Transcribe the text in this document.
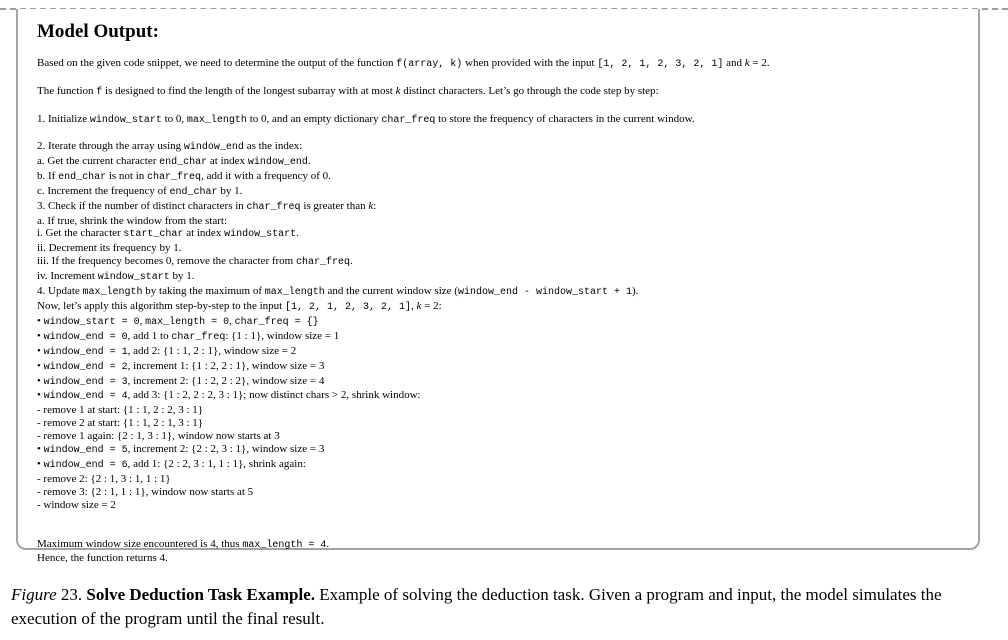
Model Output:
Based on the given code snippet, we need to determine the output of the function f(array, k) when provided with the input [1, 2, 1, 2, 3, 2, 1] and k = 2.
The function f is designed to find the length of the longest subarray with at most k distinct characters. Let’s go through the code step by step:
1. Initialize window_start to 0, max_length to 0, and an empty dictionary char_freq to store the frequency of characters in the current window.
2. Iterate through the array using window_end as the index:
a. Get the current character end_char at index window_end.
b. If end_char is not in char_freq, add it with a frequency of 0.
c. Increment the frequency of end_char by 1.
3. Check if the number of distinct characters in char_freq is greater than k:
a. If true, shrink the window from the start:
i. Get the character start_char at index window_start.
ii. Decrement its frequency by 1.
iii. If the frequency becomes 0, remove the character from char_freq.
iv. Increment window_start by 1.
4. Update max_length by taking the maximum of max_length and the current window size (window_end - window_start + 1).
Now, let’s apply this algorithm step-by-step to the input [1, 2, 1, 2, 3, 2, 1], k = 2:
• window_start = 0, max_length = 0, char_freq = {}
• window_end = 0, add 1 to char_freq: {1 : 1}, window size = 1
• window_end = 1, add 2: {1 : 1, 2 : 1}, window size = 2
• window_end = 2, increment 1: {1 : 2, 2 : 1}, window size = 3
• window_end = 3, increment 2: {1 : 2, 2 : 2}, window size = 4
• window_end = 4, add 3: {1 : 2, 2 : 2, 3 : 1}; now distinct chars > 2, shrink window:
- remove 1 at start: {1 : 1, 2 : 2, 3 : 1}
- remove 2 at start: {1 : 1, 2 : 1, 3 : 1}
- remove 1 again: {2 : 1, 3 : 1}, window now starts at 3
• window_end = 5, increment 2: {2 : 2, 3 : 1}, window size = 3
• window_end = 6, add 1: {2 : 2, 3 : 1, 1 : 1}, shrink again:
- remove 2: {2 : 1, 3 : 1, 1 : 1}
- remove 3: {2 : 1, 1 : 1}, window now starts at 5
- window size = 2
Maximum window size encountered is 4, thus max_length = 4.
Hence, the function returns 4.

Figure 23. Solve Deduction Task Example. Example of solving the deduction task. Given a program and input, the model simulates the execution of the program until the final result.
